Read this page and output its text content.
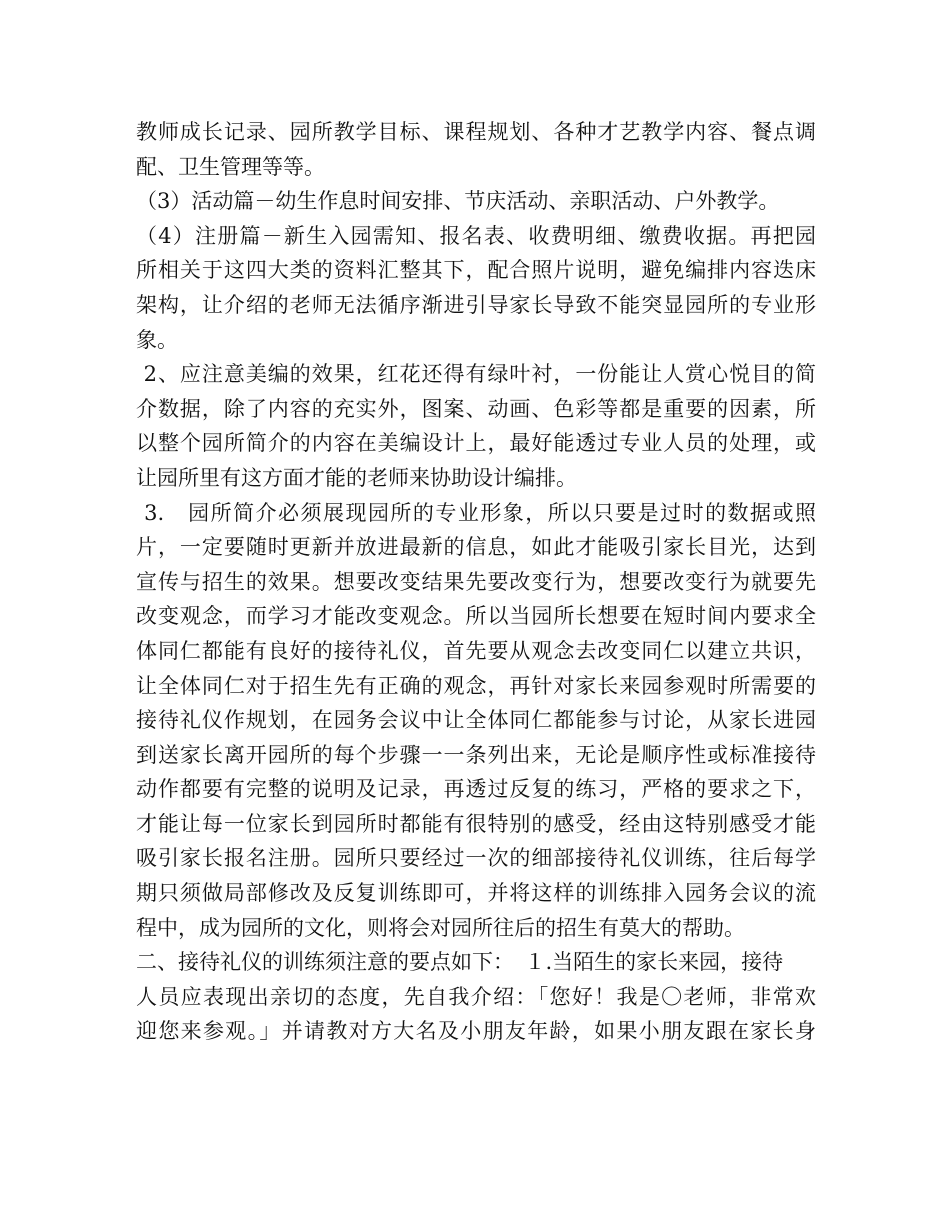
教师成长记录、园所教学目标、课程规划、各种才艺教学内容、餐点调
配、卫生管理等等。
（3）活动篇－幼生作息时间安排、节庆活动、亲职活动、户外教学。
（4）注册篇－新生入园需知、报名表、收费明细、缴费收据。再把园
所相关于这四大类的资料汇整其下，配合照片说明，避免编排内容迭床
架构，让介绍的老师无法循序渐进引导家长导致不能突显园所的专业形
象。
2、应注意美编的效果，红花还得有绿叶衬，一份能让人赏心悦目的简
介数据，除了内容的充实外，图案、动画、色彩等都是重要的因素，所
以整个园所简介的内容在美编设计上，最好能透过专业人员的处理，或
让园所里有这方面才能的老师来协助设计编排。
3.　园所简介必须展现园所的专业形象，所以只要是过时的数据或照
片，一定要随时更新并放进最新的信息，如此才能吸引家长目光，达到
宣传与招生的效果。想要改变结果先要改变行为，想要改变行为就要先
改变观念，而学习才能改变观念。所以当园所长想要在短时间内要求全
体同仁都能有良好的接待礼仪，首先要从观念去改变同仁以建立共识，
让全体同仁对于招生先有正确的观念，再针对家长来园参观时所需要的
接待礼仪作规划，在园务会议中让全体同仁都能参与讨论，从家长进园
到送家长离开园所的每个步骤一一条列出来，无论是顺序性或标准接待
动作都要有完整的说明及记录，再透过反复的练习，严格的要求之下，
才能让每一位家长到园所时都能有很特别的感受，经由这特别感受才能
吸引家长报名注册。园所只要经过一次的细部接待礼仪训练，往后每学
期只须做局部修改及反复训练即可，并将这样的训练排入园务会议的流
程中，成为园所的文化，则将会对园所往后的招生有莫大的帮助。
二、接待礼仪的训练须注意的要点如下：　１.当陌生的家长来园，接待
人员应表现出亲切的态度，先自我介绍：「您好！我是〇老师，非常欢
迎您来参观。」并请教对方大名及小朋友年龄，如果小朋友跟在家长身
